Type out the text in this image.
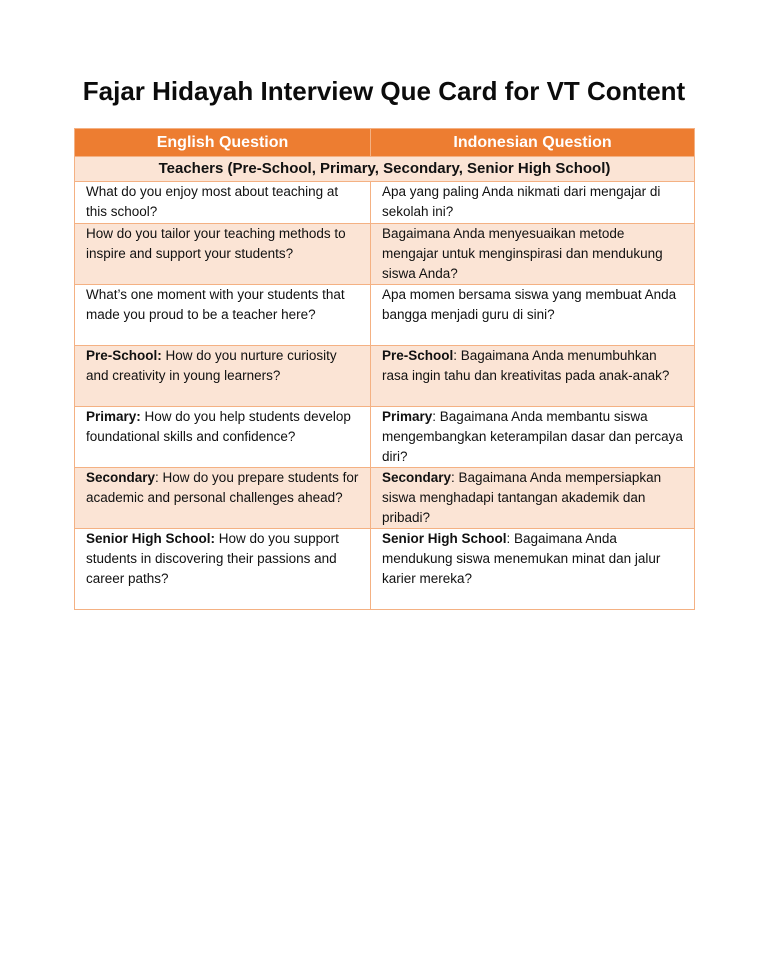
Fajar Hidayah Interview Que Card for VT Content
English Question	Indonesian Question
Teachers (Pre-School, Primary, Secondary, Senior High School)	
What do you enjoy most about teaching at this school?	Apa yang paling Anda nikmati dari mengajar di sekolah ini?
How do you tailor your teaching methods to inspire and support your students?	Bagaimana Anda menyesuaikan metode mengajar untuk menginspirasi dan mendukung siswa Anda?
What’s one moment with your students that made you proud to be a teacher here?	Apa momen bersama siswa yang membuat Anda bangga menjadi guru di sini?
Pre-School: How do you nurture curiosity and creativity in young learners?	Pre-School: Bagaimana Anda menumbuhkan rasa ingin tahu dan kreativitas pada anak-anak?
Primary: How do you help students develop foundational skills and confidence?	Primary: Bagaimana Anda membantu siswa mengembangkan keterampilan dasar dan percaya diri?
Secondary: How do you prepare students for academic and personal challenges ahead?	Secondary: Bagaimana Anda mempersiapkan siswa menghadapi tantangan akademik dan pribadi?
Senior High School: How do you support students in discovering their passions and career paths?	Senior High School: Bagaimana Anda mendukung siswa menemukan minat dan jalur karier mereka?
